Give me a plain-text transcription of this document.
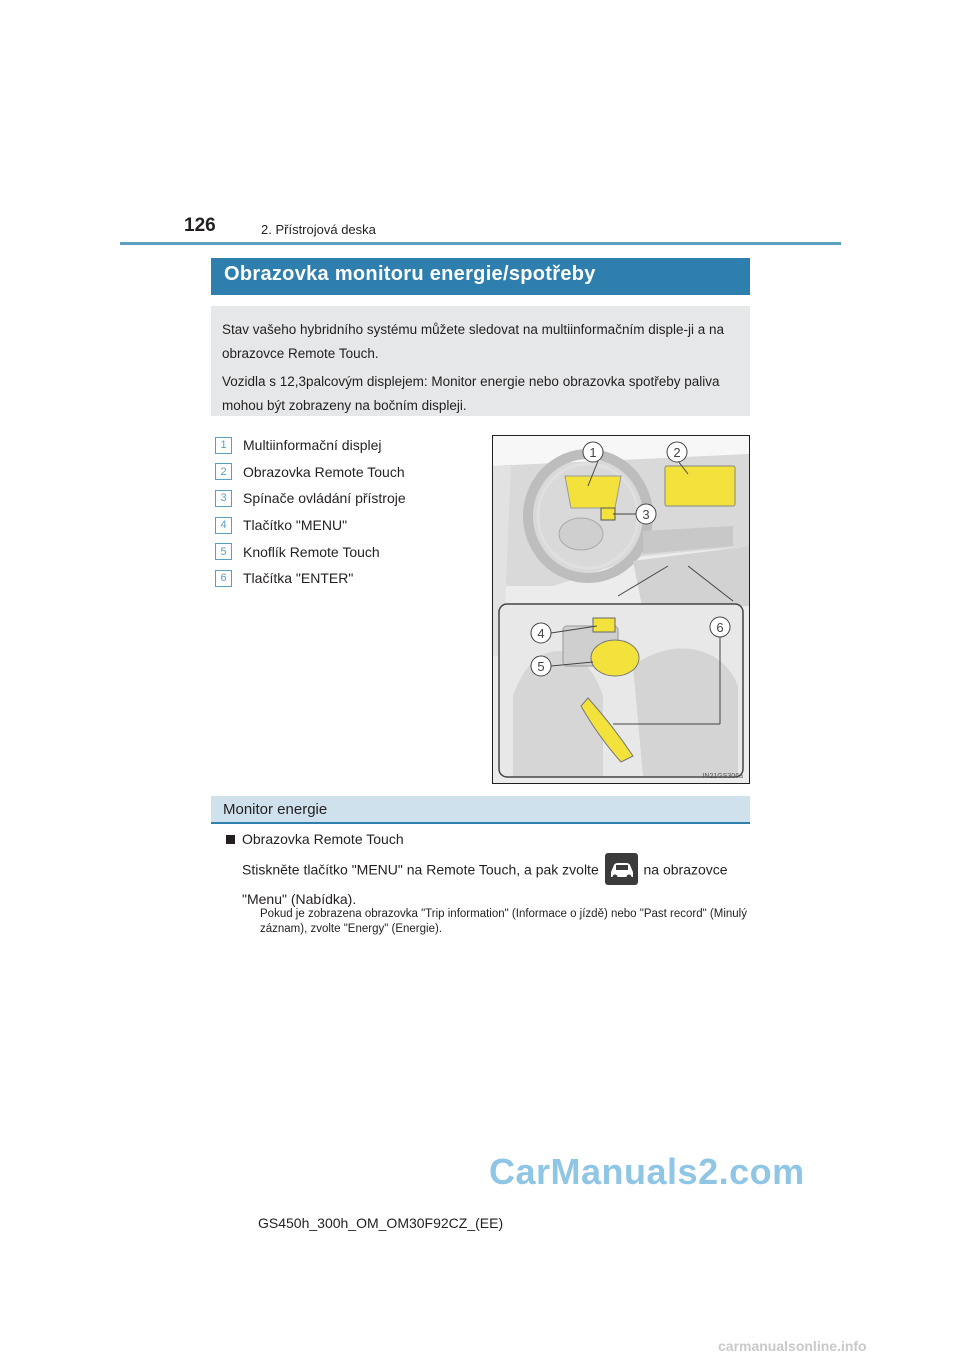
126	2. Přístrojová deska
Obrazovka monitoru energie/spotřeby

Stav vašeho hybridního systému můžete sledovat na multiinformačním disple-ji a na obrazovce Remote Touch.

Vozidla s 12,3palcovým displejem: Monitor energie nebo obrazovka spotřeby paliva mohou být zobrazeny na bočním displeji.

1	Multiinformační displej
2	Obrazovka Remote Touch
3	Spínače ovládání přístroje
4	Tlačítko "MENU"
5	Knoflík Remote Touch
6	Tlačítka "ENTER"
1	2
3
4
5
6
IN21GS306a
Monitor energie
Obrazovka Remote Touch
Stiskněte tlačítko "MENU" na Remote Touch, a pak zvolte	na obrazovce "Menu" (Nabídka).
Pokud je zobrazena obrazovka "Trip information" (Informace o jízdě) nebo "Past record" (Minulý záznam), zvolte "Energy" (Energie).
CarManuals2.com
GS450h_300h_OM_OM30F92CZ_(EE)
carmanualsonline.info
